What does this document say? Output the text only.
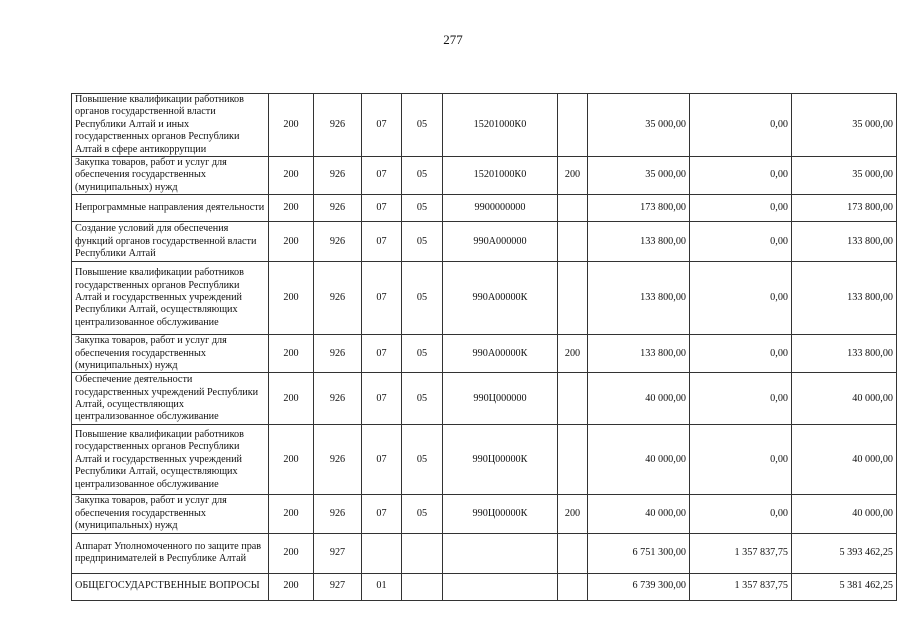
277
Повышение квалификации работников органов государственной власти Республики Алтай и иных государственных органов Республики Алтай в сфере антикоррупции	200	926	07	05	15201000К0		35 000,00	0,00	35 000,00
Закупка товаров, работ и услуг для обеспечения государственных (муниципальных) нужд	200	926	07	05	15201000К0	200	35 000,00	0,00	35 000,00
Непрограммные направления деятельности	200	926	07	05	9900000000		173 800,00	0,00	173 800,00
Создание условий для обеспечения функций органов государственной власти Республики Алтай	200	926	07	05	990А000000		133 800,00	0,00	133 800,00
Повышение квалификации работников государственных органов Республики Алтай и государственных учреждений Республики Алтай, осуществляющих централизованное обслуживание	200	926	07	05	990А00000К		133 800,00	0,00	133 800,00
Закупка товаров, работ и услуг для обеспечения государственных (муниципальных) нужд	200	926	07	05	990А00000К	200	133 800,00	0,00	133 800,00
Обеспечение деятельности государственных учреждений Республики Алтай, осуществляющих централизованное обслуживание	200	926	07	05	990Ц000000		40 000,00	0,00	40 000,00
Повышение квалификации работников государственных органов Республики Алтай и государственных учреждений Республики Алтай, осуществляющих централизованное обслуживание	200	926	07	05	990Ц00000К		40 000,00	0,00	40 000,00
Закупка товаров, работ и услуг для обеспечения государственных (муниципальных) нужд	200	926	07	05	990Ц00000К	200	40 000,00	0,00	40 000,00
Аппарат Уполномоченного по защите прав предпринимателей в Республике Алтай	200	927					6 751 300,00	1 357 837,75	5 393 462,25
ОБЩЕГОСУДАРСТВЕННЫЕ ВОПРОСЫ	200	927	01				6 739 300,00	1 357 837,75	5 381 462,25
